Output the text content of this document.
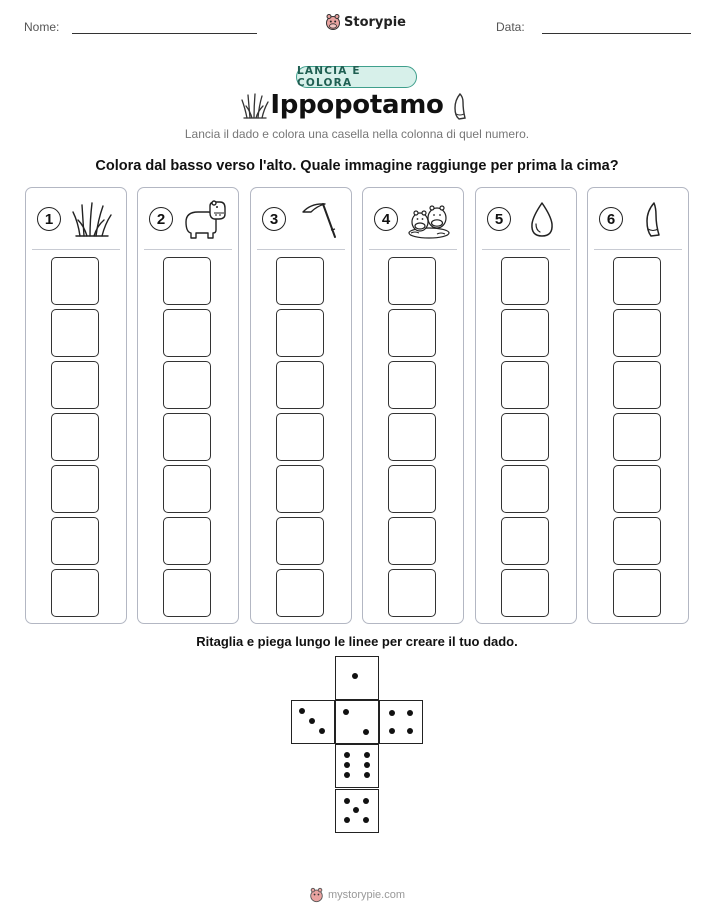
Nome:	Storypie	Data:
LANCIA E COLORA
Ippopotamo
Lancia il dado e colora una casella nella colonna di quel numero.
Colora dal basso verso l'alto. Quale immagine raggiunge per prima la cima?
1	2	3	4	5	6
Ritaglia e piega lungo le linee per creare il tuo dado.
mystorypie.com
